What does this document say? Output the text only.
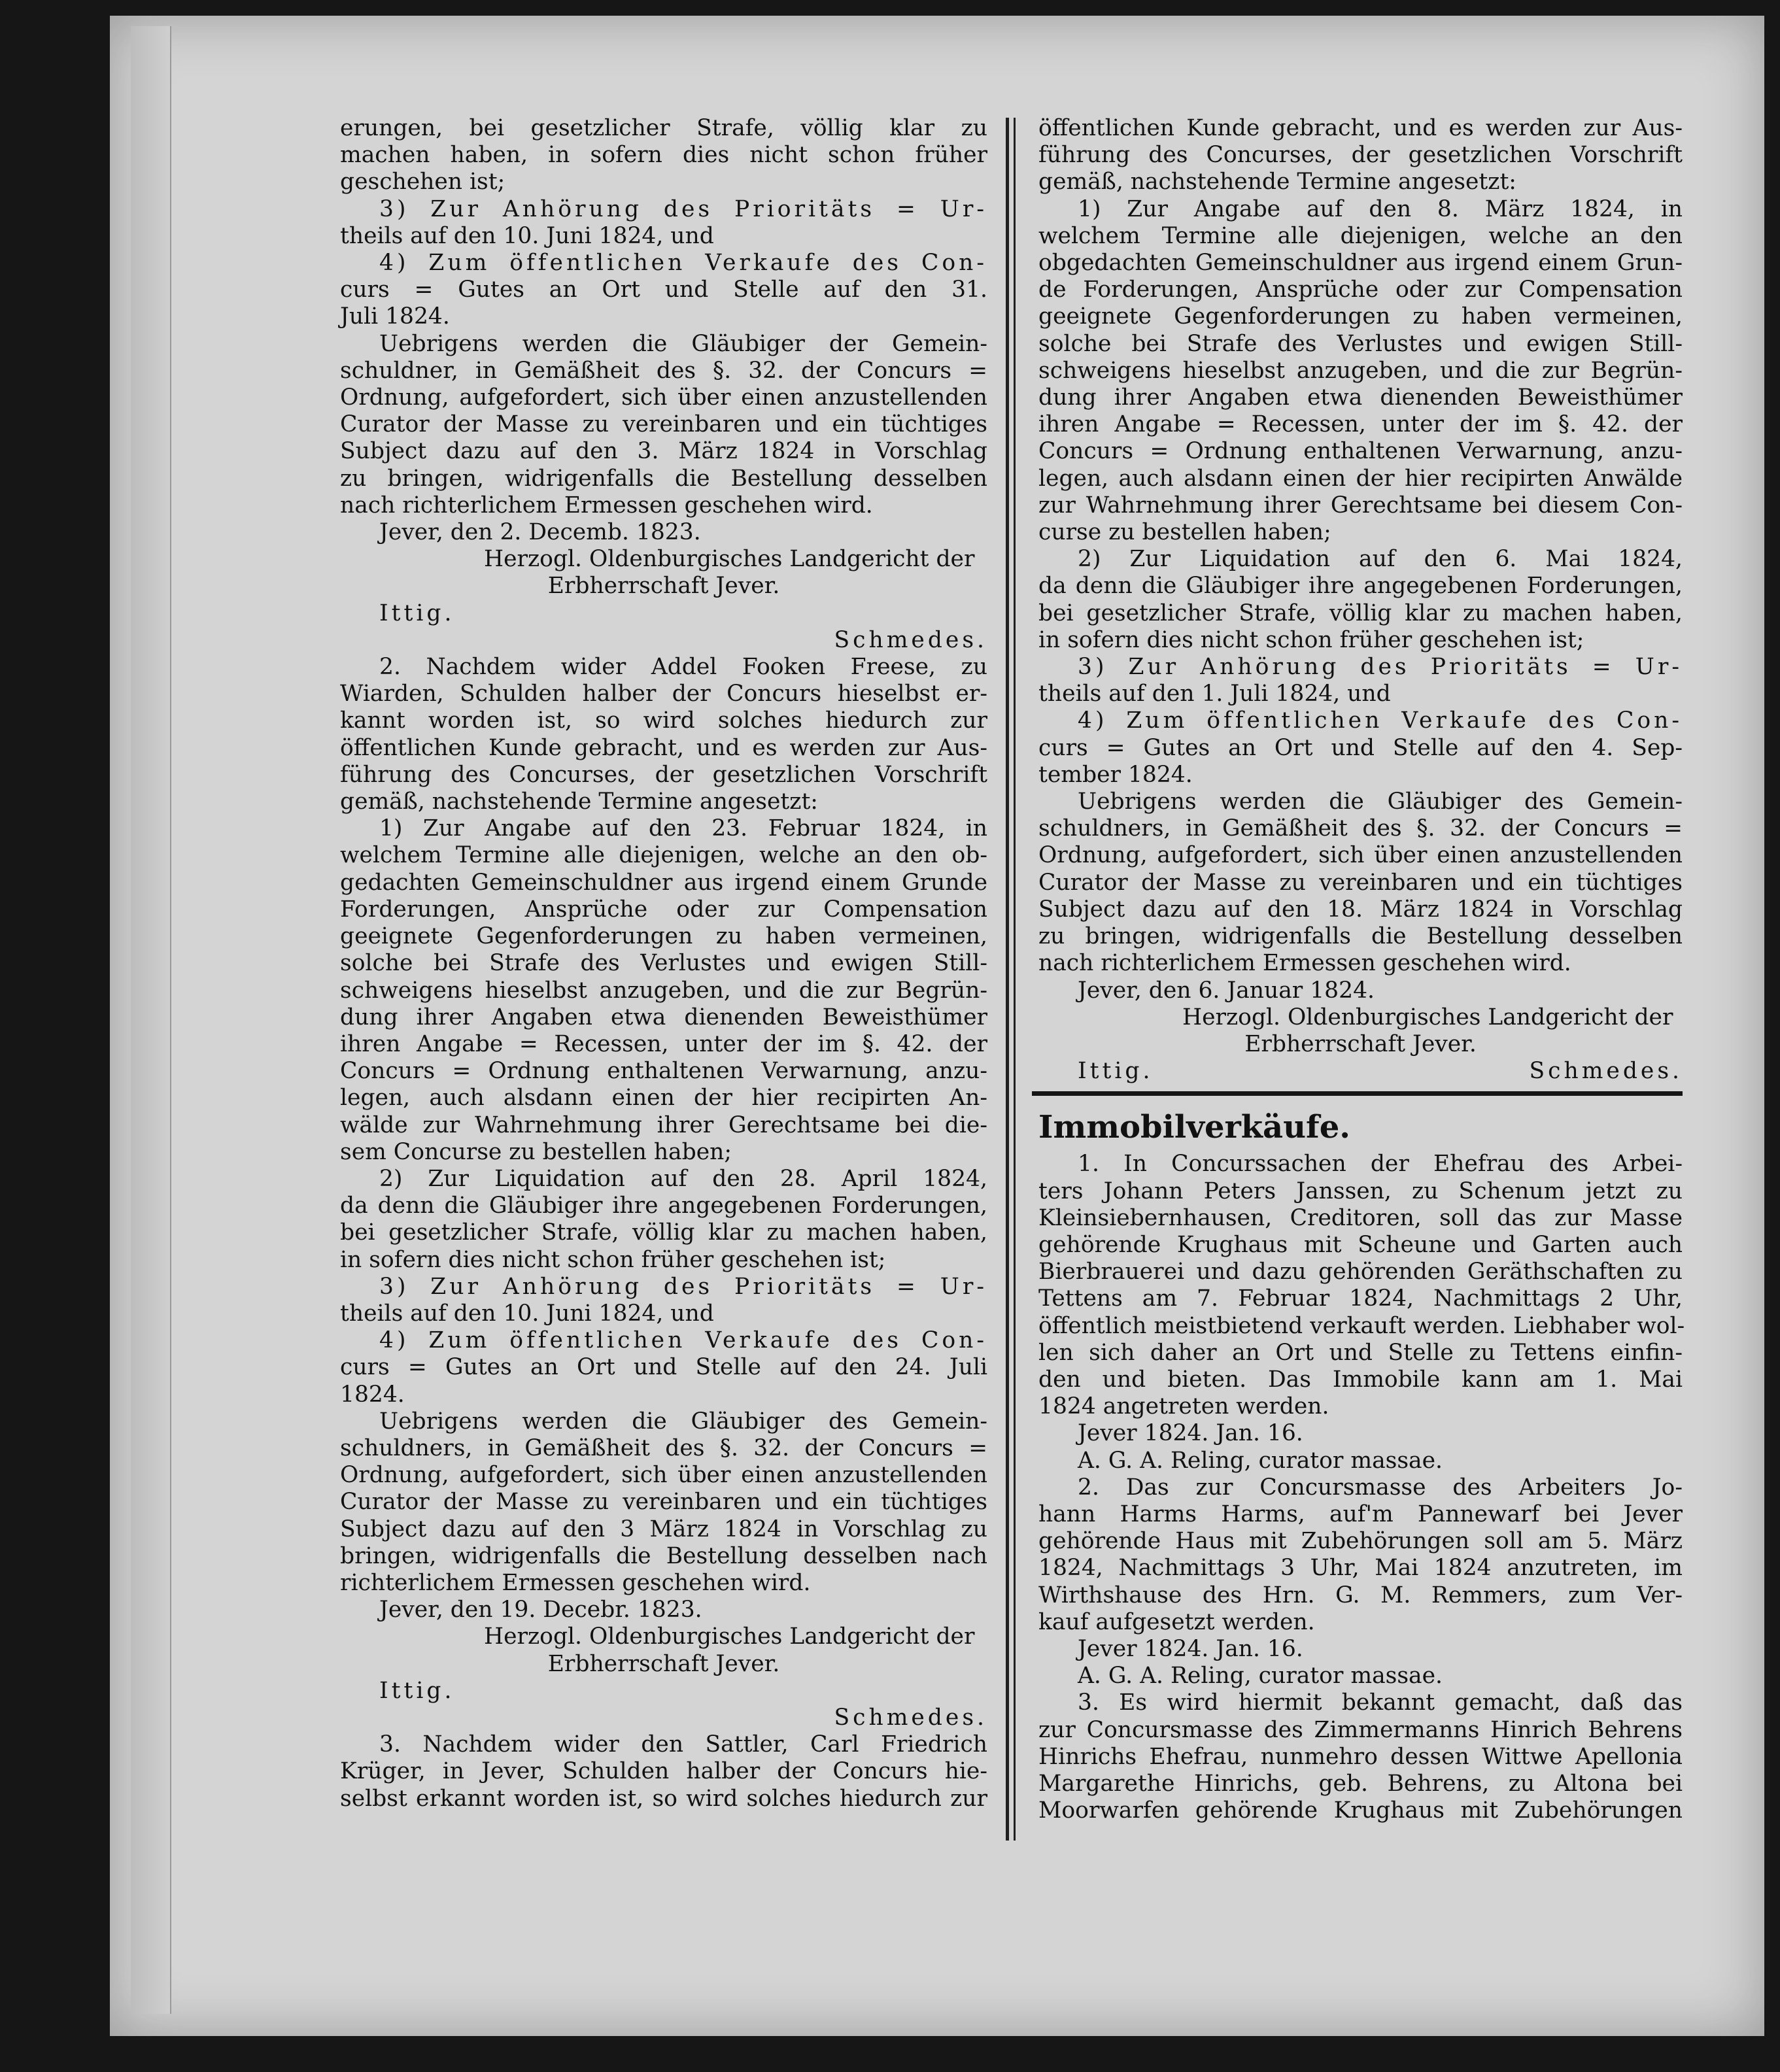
erungen, bei gesetzlicher Strafe, völlig klar zu

machen haben, in sofern dies nicht schon früher

geschehen ist;

3) Zur Anhörung des Prioritäts = Ur-

theils auf den 10. Juni 1824, und

4) Zum öffentlichen Verkaufe des Con-

curs = Gutes an Ort und Stelle auf den 31.

Juli 1824.

Uebrigens werden die Gläubiger der Gemein-

schuldner, in Gemäßheit des §. 32. der Concurs =

Ordnung, aufgefordert, sich über einen anzustellenden

Curator der Masse zu vereinbaren und ein tüchtiges

Subject dazu auf den 3. März 1824 in Vorschlag

zu bringen, widrigenfalls die Bestellung desselben

nach richterlichem Ermessen geschehen wird.

Jever, den 2. Decemb. 1823.

Herzogl. Oldenburgisches Landgericht der

Erbherrschaft Jever.

Ittig.

Schmedes.

2. Nachdem wider Addel Fooken Freese, zu

Wiarden, Schulden halber der Concurs hieselbst er-

kannt worden ist, so wird solches hiedurch zur

öffentlichen Kunde gebracht, und es werden zur Aus-

führung des Concurses, der gesetzlichen Vorschrift

gemäß, nachstehende Termine angesetzt:

1) Zur Angabe auf den 23. Februar 1824, in

welchem Termine alle diejenigen, welche an den ob-

gedachten Gemeinschuldner aus irgend einem Grunde

Forderungen, Ansprüche oder zur Compensation

geeignete Gegenforderungen zu haben vermeinen,

solche bei Strafe des Verlustes und ewigen Still-

schweigens hieselbst anzugeben, und die zur Begrün-

dung ihrer Angaben etwa dienenden Beweisthümer

ihren Angabe = Recessen, unter der im §. 42. der

Concurs = Ordnung enthaltenen Verwarnung, anzu-

legen, auch alsdann einen der hier recipirten An-

wälde zur Wahrnehmung ihrer Gerechtsame bei die-

sem Concurse zu bestellen haben;

2) Zur Liquidation auf den 28. April 1824,

da denn die Gläubiger ihre angegebenen Forderungen,

bei gesetzlicher Strafe, völlig klar zu machen haben,

in sofern dies nicht schon früher geschehen ist;

3) Zur Anhörung des Prioritäts = Ur-

theils auf den 10. Juni 1824, und

4) Zum öffentlichen Verkaufe des Con-

curs = Gutes an Ort und Stelle auf den 24. Juli

1824.

Uebrigens werden die Gläubiger des Gemein-

schuldners, in Gemäßheit des §. 32. der Concurs =

Ordnung, aufgefordert, sich über einen anzustellenden

Curator der Masse zu vereinbaren und ein tüchtiges

Subject dazu auf den 3 März 1824 in Vorschlag zu

bringen, widrigenfalls die Bestellung desselben nach

richterlichem Ermessen geschehen wird.

Jever, den 19. Decebr. 1823.

Herzogl. Oldenburgisches Landgericht der

Erbherrschaft Jever.

Ittig.

Schmedes.

3. Nachdem wider den Sattler, Carl Friedrich

Krüger, in Jever, Schulden halber der Concurs hie-

selbst erkannt worden ist, so wird solches hiedurch zur

öffentlichen Kunde gebracht, und es werden zur Aus-

führung des Concurses, der gesetzlichen Vorschrift

gemäß, nachstehende Termine angesetzt:

1) Zur Angabe auf den 8. März 1824, in

welchem Termine alle diejenigen, welche an den

obgedachten Gemeinschuldner aus irgend einem Grun-

de Forderungen, Ansprüche oder zur Compensation

geeignete Gegenforderungen zu haben vermeinen,

solche bei Strafe des Verlustes und ewigen Still-

schweigens hieselbst anzugeben, und die zur Begrün-

dung ihrer Angaben etwa dienenden Beweisthümer

ihren Angabe = Recessen, unter der im §. 42. der

Concurs = Ordnung enthaltenen Verwarnung, anzu-

legen, auch alsdann einen der hier recipirten Anwälde

zur Wahrnehmung ihrer Gerechtsame bei diesem Con-

curse zu bestellen haben;

2) Zur Liquidation auf den 6. Mai 1824,

da denn die Gläubiger ihre angegebenen Forderungen,

bei gesetzlicher Strafe, völlig klar zu machen haben,

in sofern dies nicht schon früher geschehen ist;

3) Zur Anhörung des Prioritäts = Ur-

theils auf den 1. Juli 1824, und

4) Zum öffentlichen Verkaufe des Con-

curs = Gutes an Ort und Stelle auf den 4. Sep-

tember 1824.

Uebrigens werden die Gläubiger des Gemein-

schuldners, in Gemäßheit des §. 32. der Concurs =

Ordnung, aufgefordert, sich über einen anzustellenden

Curator der Masse zu vereinbaren und ein tüchtiges

Subject dazu auf den 18. März 1824 in Vorschlag

zu bringen, widrigenfalls die Bestellung desselben

nach richterlichem Ermessen geschehen wird.

Jever, den 6. Januar 1824.

Herzogl. Oldenburgisches Landgericht der

Erbherrschaft Jever.

Ittig.	Schmedes.

Immobilverkäufe.

1. In Concurssachen der Ehefrau des Arbei-

ters Johann Peters Janssen, zu Schenum jetzt zu

Kleinsiebernhausen, Creditoren, soll das zur Masse

gehörende Krughaus mit Scheune und Garten auch

Bierbrauerei und dazu gehörenden Geräthschaften zu

Tettens am 7. Februar 1824, Nachmittags 2 Uhr,

öffentlich meistbietend verkauft werden. Liebhaber wol-

len sich daher an Ort und Stelle zu Tettens einfin-

den und bieten. Das Immobile kann am 1. Mai

1824 angetreten werden.

Jever 1824. Jan. 16.

A. G. A. Reling, curator massae.

2. Das zur Concursmasse des Arbeiters Jo-

hann Harms Harms, auf'm Pannewarf bei Jever

gehörende Haus mit Zubehörungen soll am 5. März

1824, Nachmittags 3 Uhr, Mai 1824 anzutreten, im

Wirthshause des Hrn. G. M. Remmers, zum Ver-

kauf aufgesetzt werden.

Jever 1824. Jan. 16.

A. G. A. Reling, curator massae.

3. Es wird hiermit bekannt gemacht, daß das

zur Concursmasse des Zimmermanns Hinrich Behrens

Hinrichs Ehefrau, nunmehro dessen Wittwe Apellonia

Margarethe Hinrichs, geb. Behrens, zu Altona bei

Moorwarfen gehörende Krughaus mit Zubehörungen
